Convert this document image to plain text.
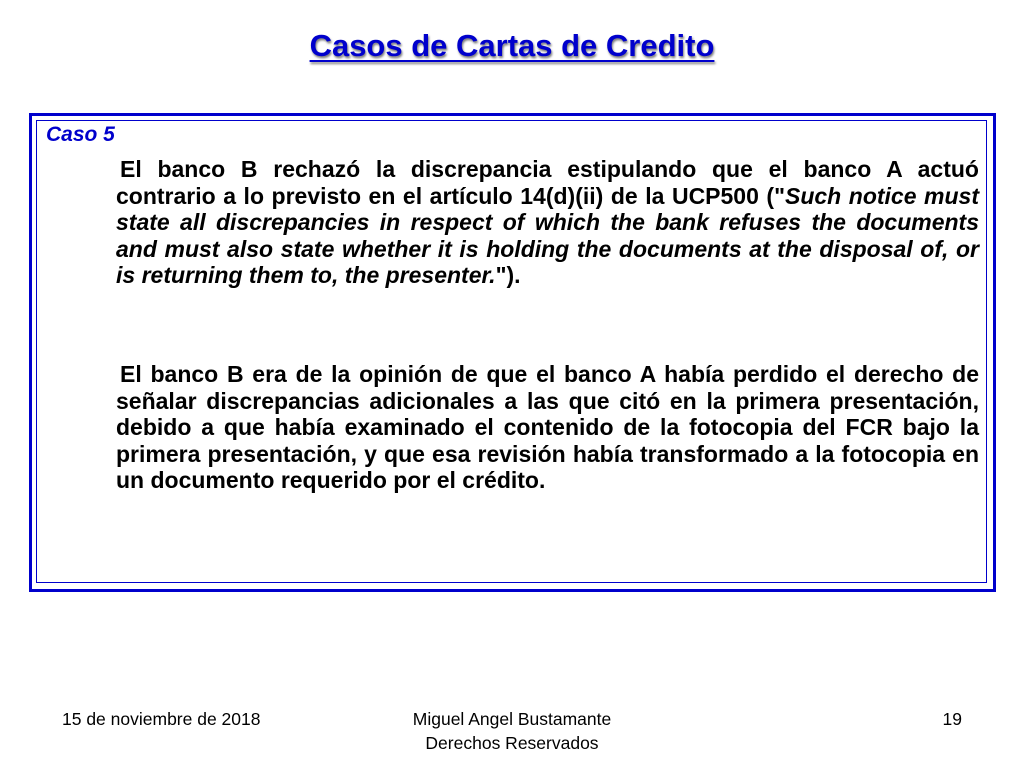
Casos de Cartas de Credito
Caso 5

El banco B rechazó la discrepancia estipulando que el banco A actuó contrario a lo previsto en el artículo 14(d)(ii) de la UCP500 ("Such notice must state all discrepancies in respect of which the bank refuses the documents and must also state whether it is holding the documents at the disposal of, or is returning them to, the presenter.").

El banco B era de la opinión de que el banco A había perdido el derecho de señalar discrepancias adicionales a las que citó en la primera presentación, debido a que había examinado el contenido de la fotocopia del FCR bajo la primera presentación, y que esa revisión había transformado a la fotocopia en un documento requerido por el crédito.

15 de noviembre de 2018	Miguel Angel Bustamante
Derechos Reservados
19
